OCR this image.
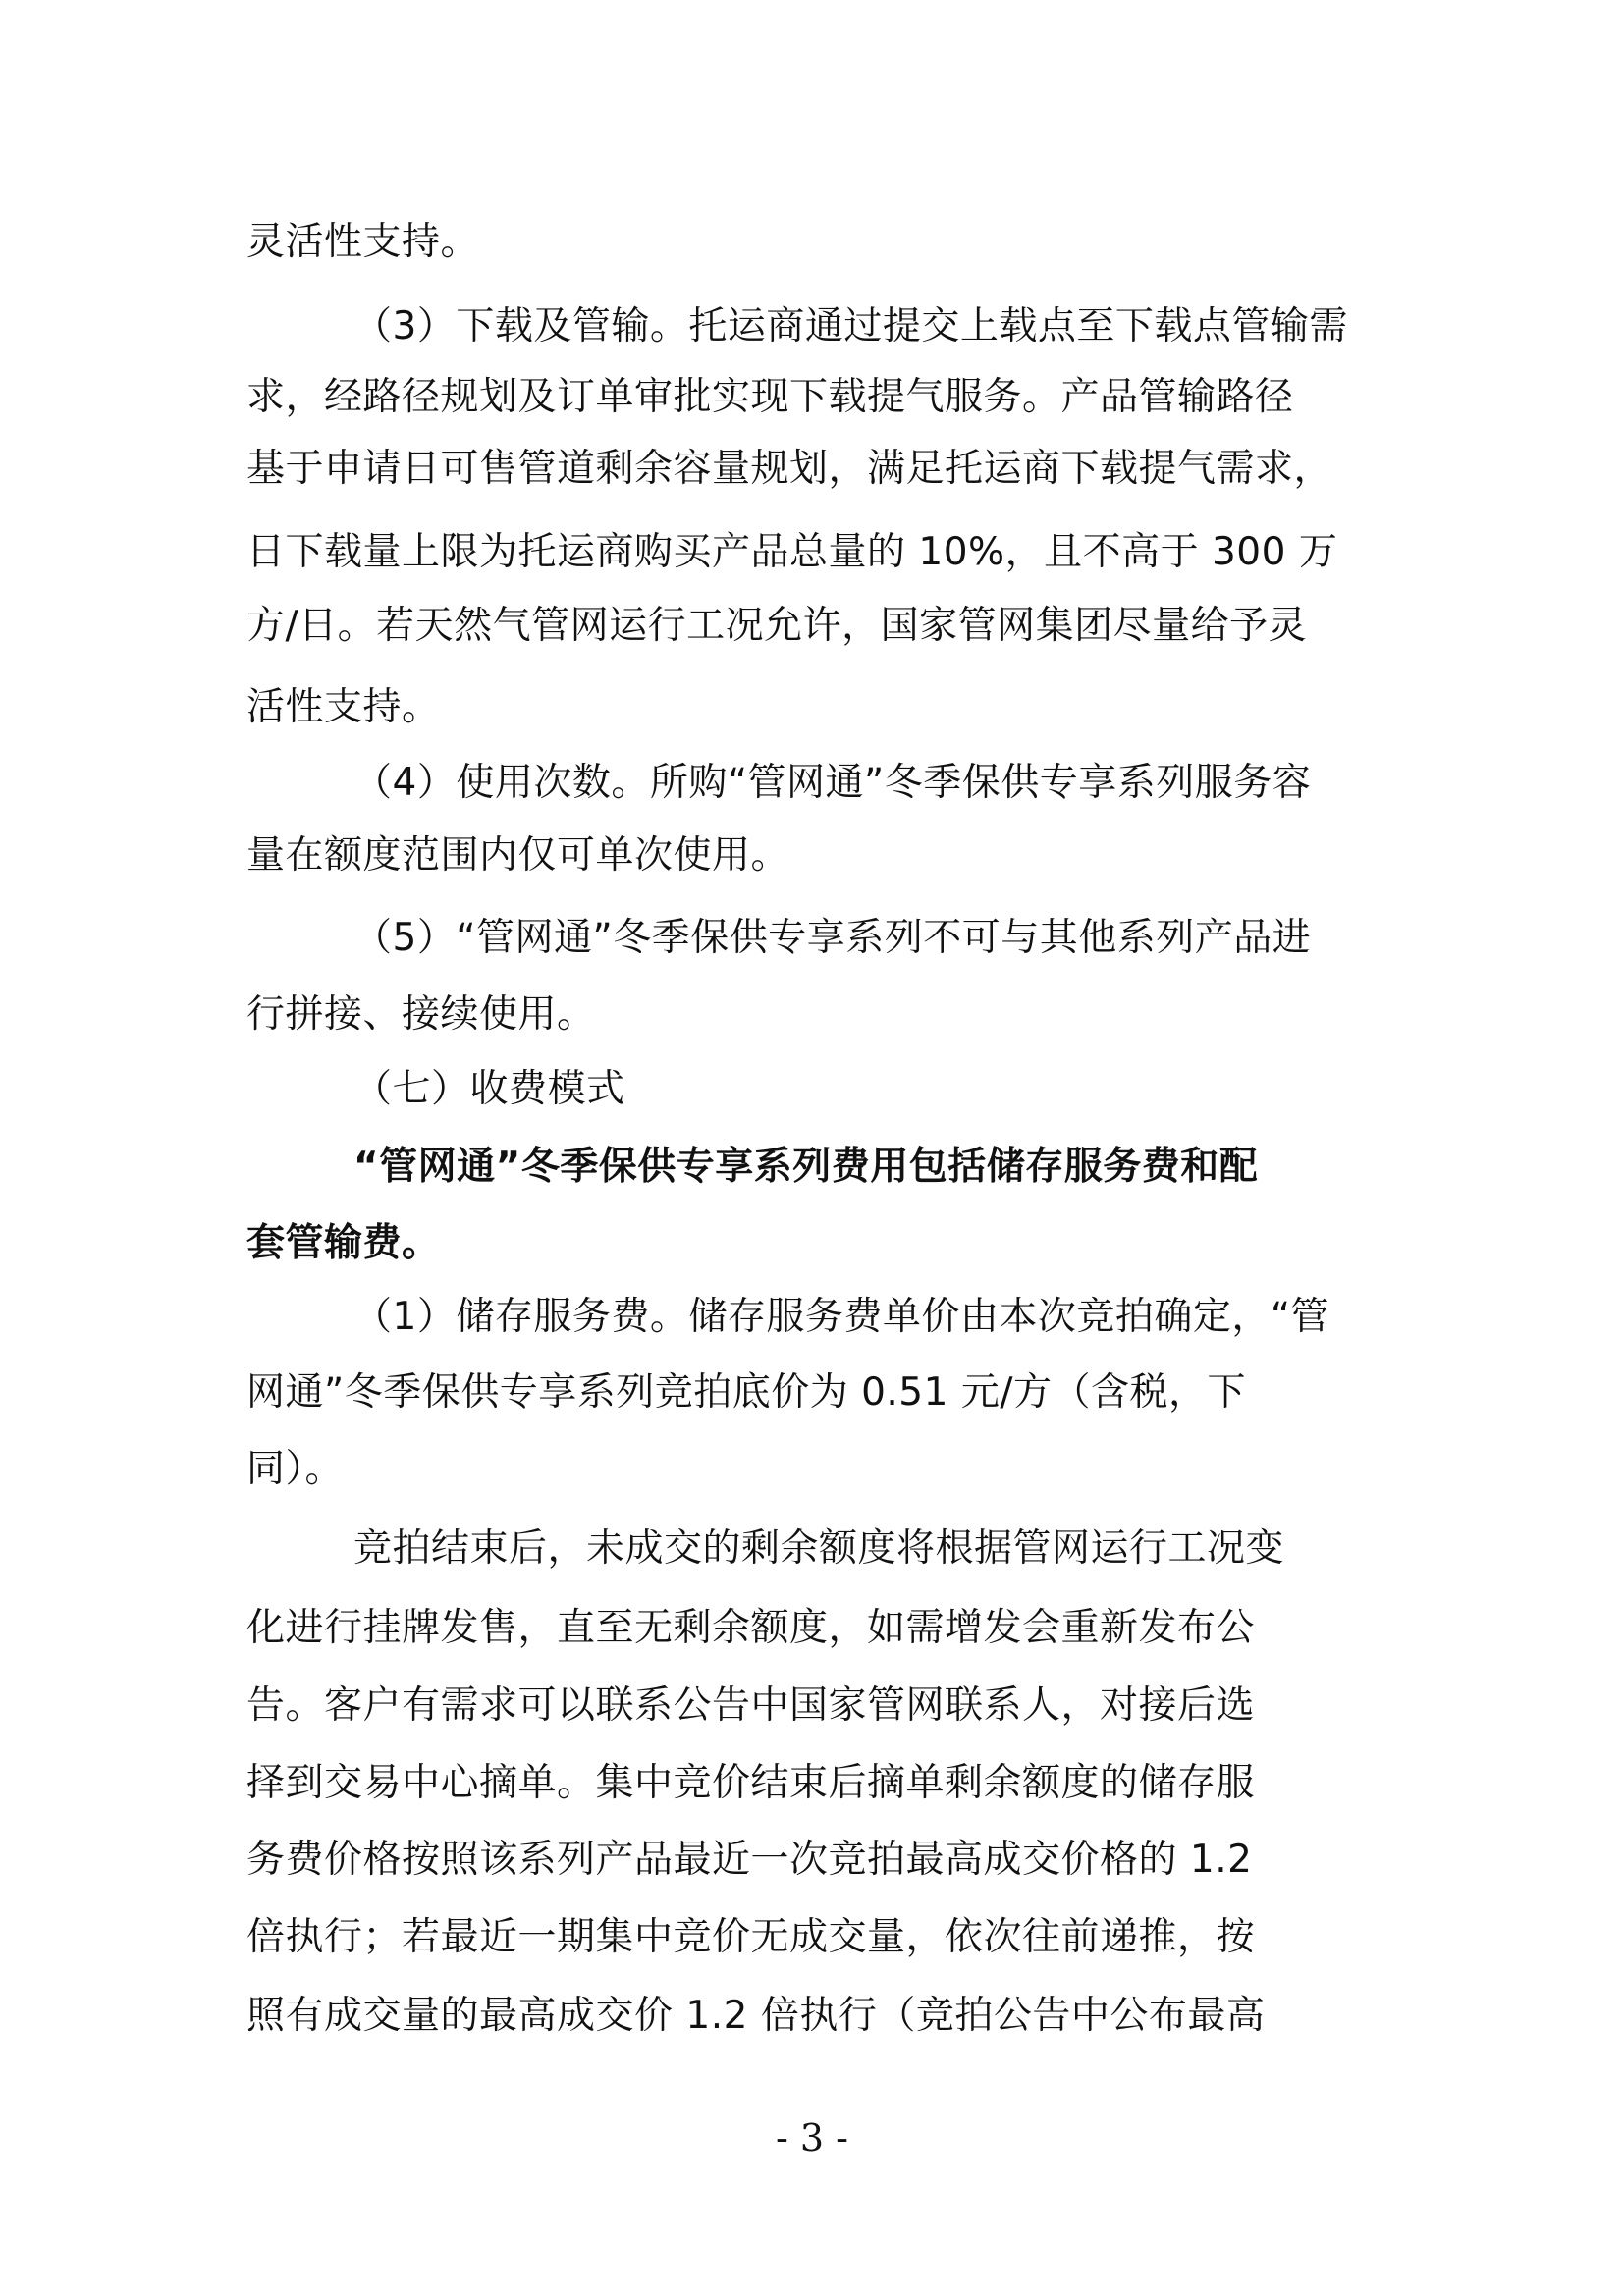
灵活性支持。
（3）下载及管输。托运商通过提交上载点至下载点管输需
求，经路径规划及订单审批实现下载提气服务。产品管输路径
基于申请日可售管道剩余容量规划，满足托运商下载提气需求，
日下载量上限为托运商购买产品总量的 10%，且不高于 300 万
方/日。若天然气管网运行工况允许，国家管网集团尽量给予灵
活性支持。
（4）使用次数。所购“管网通”冬季保供专享系列服务容
量在额度范围内仅可单次使用。
（5）“管网通”冬季保供专享系列不可与其他系列产品进
行拼接、接续使用。
（七）收费模式
“管网通”冬季保供专享系列费用包括储存服务费和配
套管输费。
（1）储存服务费。储存服务费单价由本次竞拍确定，“管
网通”冬季保供专享系列竞拍底价为 0.51 元/方（含税，下
同）。
竞拍结束后，未成交的剩余额度将根据管网运行工况变
化进行挂牌发售，直至无剩余额度，如需增发会重新发布公
告。客户有需求可以联系公告中国家管网联系人，对接后选
择到交易中心摘单。集中竞价结束后摘单剩余额度的储存服
务费价格按照该系列产品最近一次竞拍最高成交价格的 1.2
倍执行；若最近一期集中竞价无成交量，依次往前递推，按
照有成交量的最高成交价 1.2 倍执行（竞拍公告中公布最高
- 3 -
